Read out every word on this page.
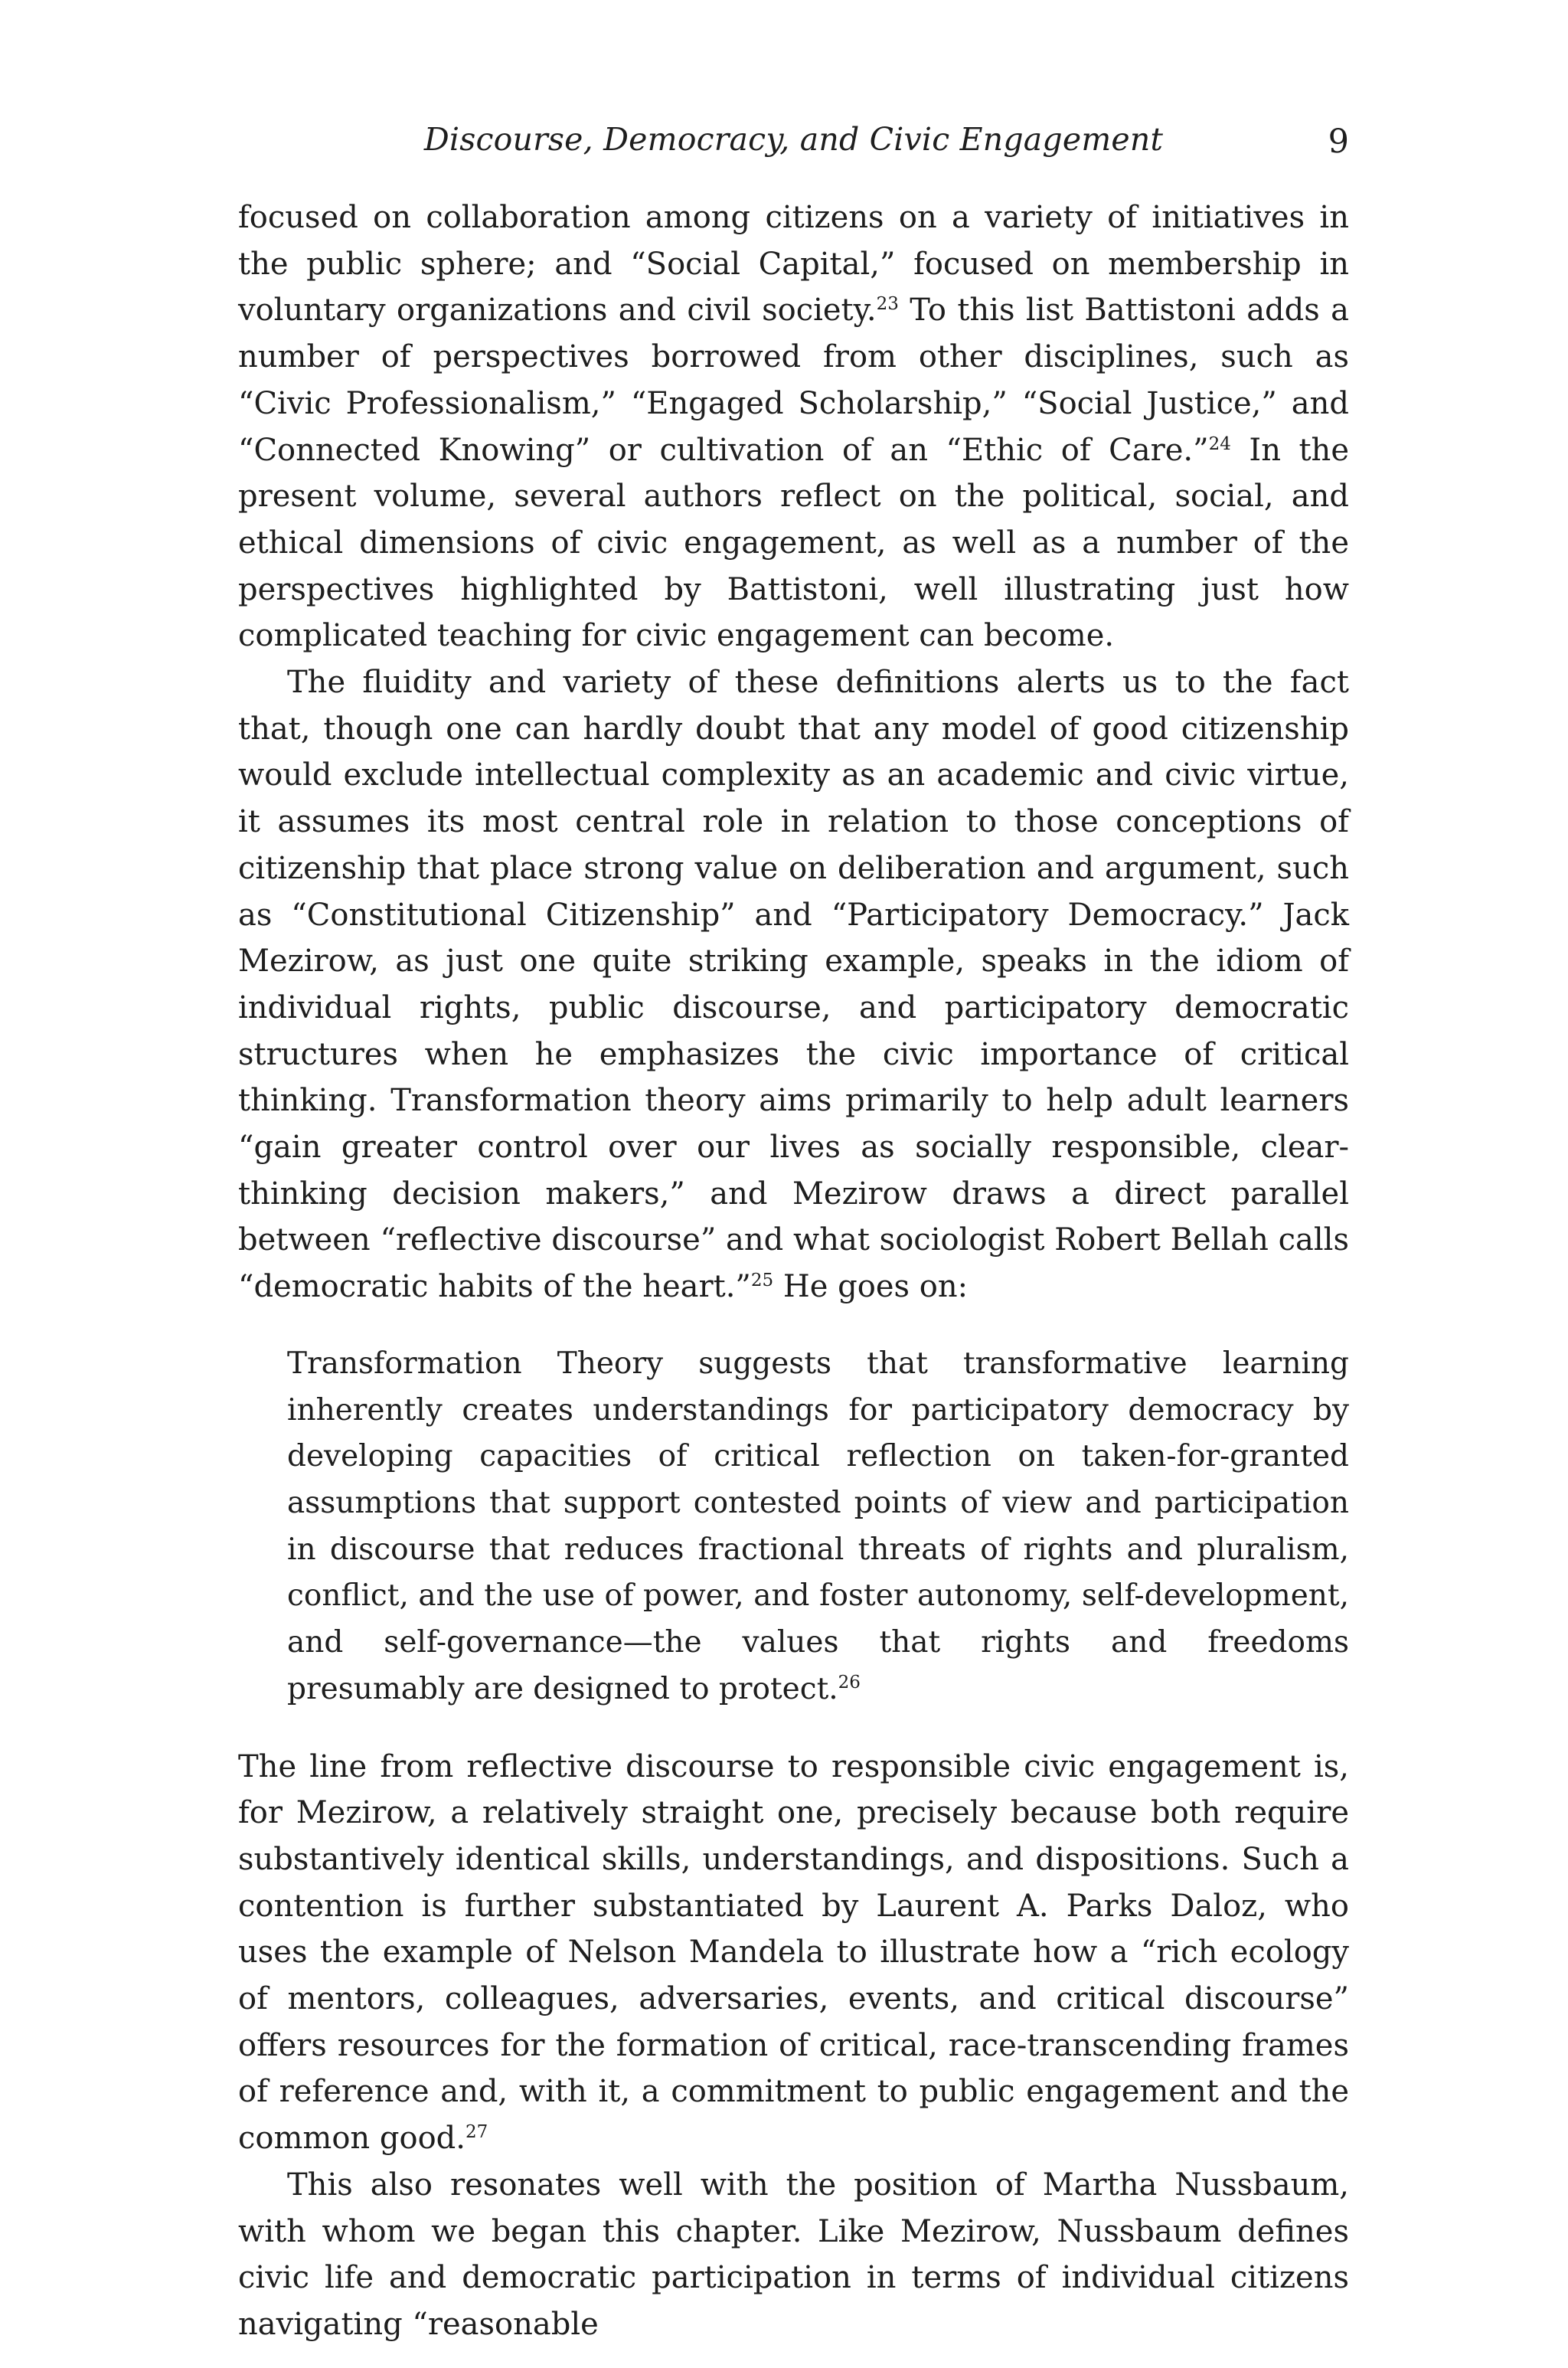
Discourse, Democracy, and Civic Engagement	9

focused on collaboration among citizens on a variety of initiatives in the public sphere; and “Social Capital,” focused on membership in voluntary organizations and civil society.$^{23}$ To this list Battistoni adds a number of perspectives borrowed from other disciplines, such as “Civic Professionalism,” “Engaged Scholarship,” “Social Justice,” and “Connected Knowing” or cultivation of an “Ethic of Care.”$^{24}$ In the present volume, several authors reflect on the political, social, and ethical dimensions of civic engagement, as well as a number of the perspectives highlighted by Battistoni, well illustrating just how complicated teaching for civic engagement can become.

The fluidity and variety of these definitions alerts us to the fact that, though one can hardly doubt that any model of good citizenship would exclude intellectual complexity as an academic and civic virtue, it assumes its most central role in relation to those conceptions of citizenship that place strong value on deliberation and argument, such as “Constitutional Citizenship” and “Participatory Democracy.” Jack Mezirow, as just one quite striking example, speaks in the idiom of individual rights, public discourse, and participatory democratic structures when he emphasizes the civic importance of critical thinking. Transformation theory aims primarily to help adult learners “gain greater control over our lives as socially responsible, clear-thinking decision makers,” and Mezirow draws a direct parallel between “reflective discourse” and what sociologist Robert Bellah calls “democratic habits of the heart.”$^{25}$ He goes on:

Transformation Theory suggests that transformative learning inherently creates understandings for participatory democracy by developing capacities of critical reflection on taken-for-granted assumptions that support contested points of view and participation in discourse that reduces fractional threats of rights and pluralism, conflict, and the use of power, and foster autonomy, self-development, and self-governance—the values that rights and freedoms presumably are designed to protect.$^{26}$

The line from reflective discourse to responsible civic engagement is, for Mezirow, a relatively straight one, precisely because both require substantively identical skills, understandings, and dispositions. Such a contention is further substantiated by Laurent A. Parks Daloz, who uses the example of Nelson Mandela to illustrate how a “rich ecology of mentors, colleagues, adversaries, events, and critical discourse” offers resources for the formation of critical, race-transcending frames of reference and, with it, a commitment to public engagement and the common good.$^{27}$

This also resonates well with the position of Martha Nussbaum, with whom we began this chapter. Like Mezirow, Nussbaum defines civic life and democratic participation in terms of individual citizens navigating “reasonable
